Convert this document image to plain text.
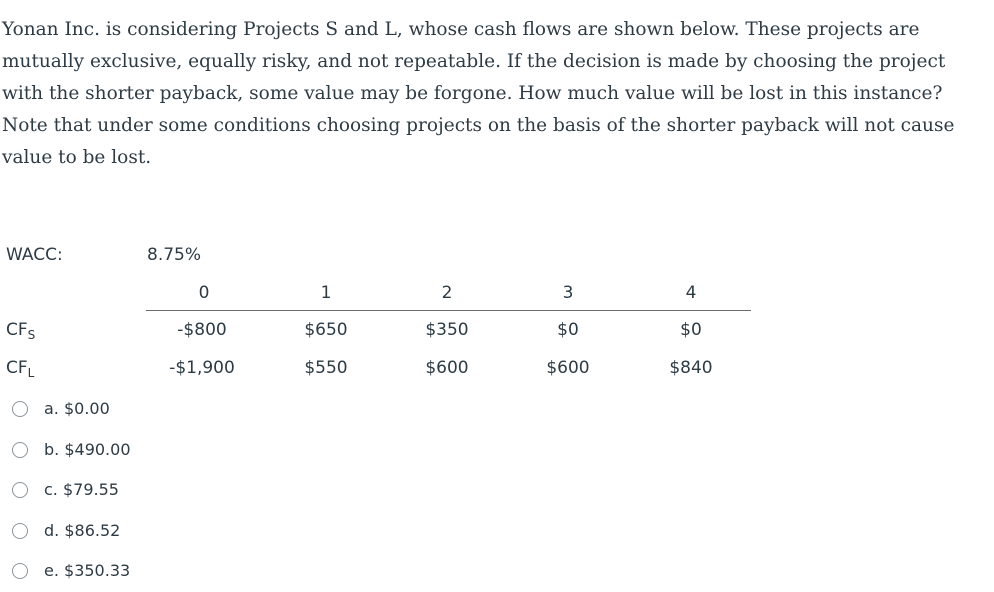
Yonan Inc. is considering Projects S and L, whose cash flows are shown below. These projects are mutually exclusive, equally risky, and not repeatable. If the decision is made by choosing the project with the shorter payback, some value may be forgone. How much value will be lost in this instance? Note that under some conditions choosing projects on the basis of the shorter payback will not cause value to be lost.

WACC:	8.75%
0	1	2	3	4
$CF_S$	-$800	$650	$350	$0	$0
$CF_L$	-$1,900	$550	$600	$600	$840
a. $0.00
b. $490.00
c. $79.55
d. $86.52
e. $350.33
